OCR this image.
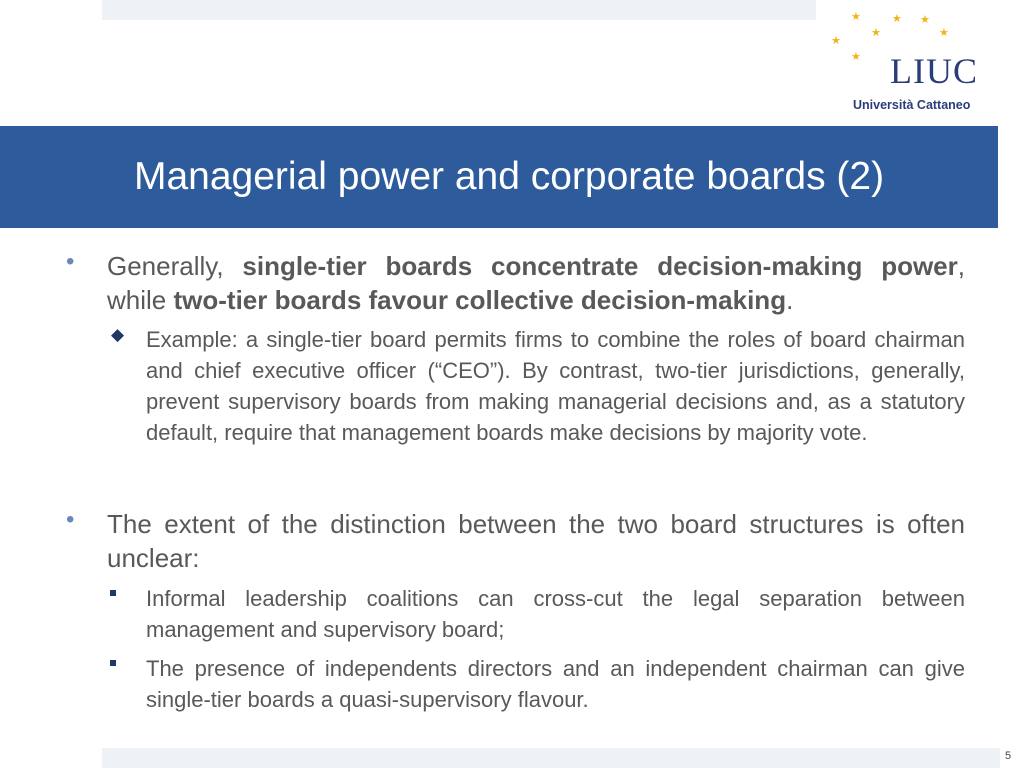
★
★
★ ★
★
★
★ LIUC
Università Cattaneo
Managerial power and corporate boards (2)
• Generally, single-tier boards concentrate decision-making power, while two-tier boards favour collective decision-making.
◆ Example: a single-tier board permits firms to combine the roles of board chairman and chief executive officer (“CEO”). By contrast, two-tier jurisdictions, generally, prevent supervisory boards from making managerial decisions and, as a statutory default, require that management boards make decisions by majority vote.
• The extent of the distinction between the two board structures is often unclear:
Informal leadership coalitions can cross-cut the legal separation between management and supervisory board;
The presence of independents directors and an independent chairman can give single-tier boards a quasi-supervisory flavour.
5
